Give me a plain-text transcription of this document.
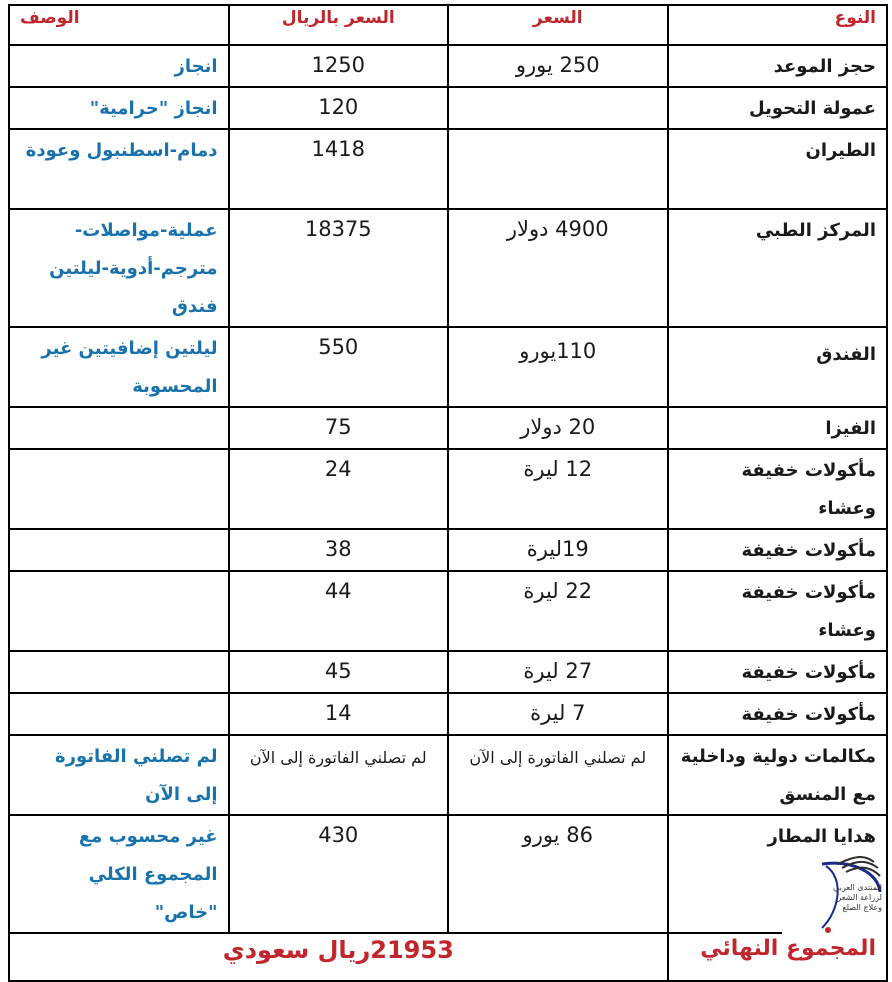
النوع	السعر	السعر بالريال	الوصف
حجز الموعد	250 يورو	1250	انجاز
عمولة التحويل		120	انجاز "حرامية"
الطيران		1418	دمام-اسطنبول وعودة
المركز الطبي	4900 دولار	18375	عملية-مواصلات-مترجم-أدوية-ليلتين فندق
الفندق	110يورو	550	ليلتين إضافيتين غير المحسوبة
الفيزا	20 دولار	75	
مأكولات خفيفة وعشاء	12 ليرة	24	
مأكولات خفيفة	19ليرة	38	
مأكولات خفيفة وعشاء	22 ليرة	44	
مأكولات خفيفة	27 ليرة	45	
مأكولات خفيفة	7 ليرة	14	
مكالمات دولية وداخلية مع المنسق	لم تصلني الفاتورة إلى الآن	لم تصلني الفاتورة إلى الآن	لم تصلني الفاتورة إلى الآن
هدايا المطار	86 يورو	430	غير محسوب مع المجموع الكلي "خاص"
المجموع النهائي	21953ريال سعودي		
المنتدى العربي
لزراعة الشعر
وعلاج الصلع
